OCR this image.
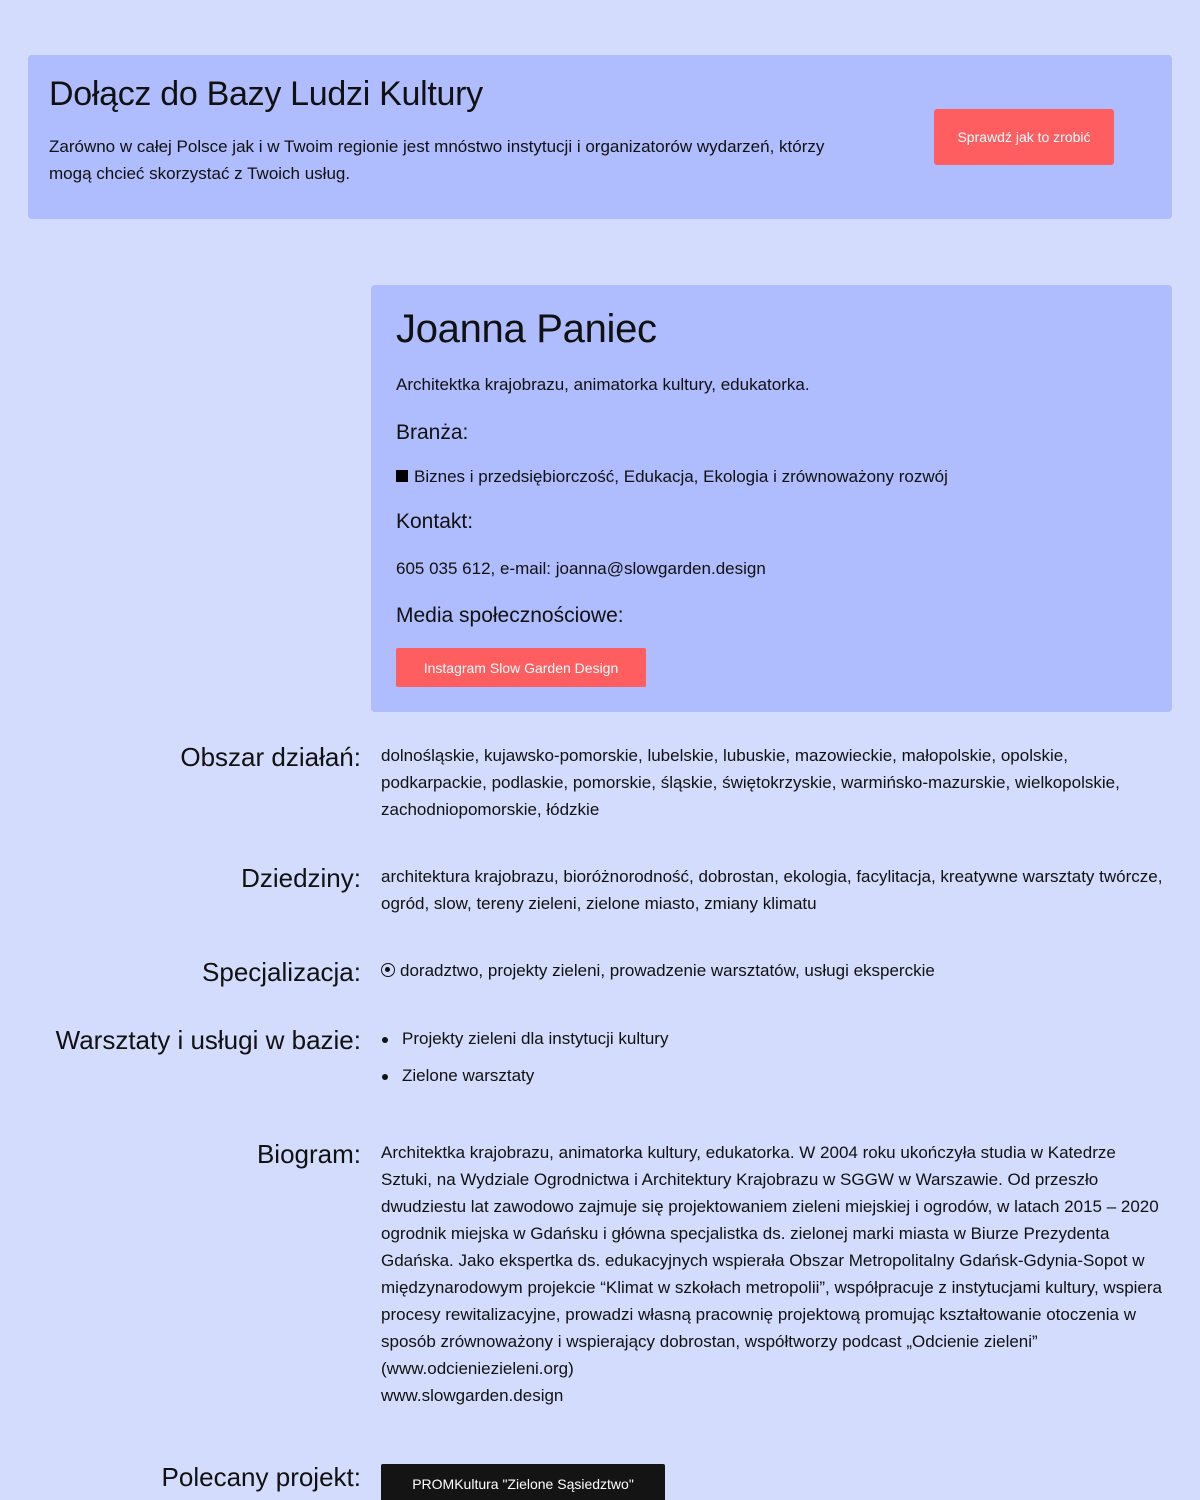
Dołącz do Bazy Ludzi Kultury

Zarówno w całej Polsce jak i w Twoim regionie jest mnóstwo instytucji i organizatorów wydarzeń, którzy mogą chcieć skorzystać z Twoich usług.

Sprawdź jak to zrobić
Joanna Paniec
Architektka krajobrazu, animatorka kultury, edukatorka.
Branża:
Biznes i przedsiębiorczość, Edukacja, Ekologia i zrównoważony rozwój
Kontakt:
605 035 612, e-mail: joanna@slowgarden.design
Media społecznościowe:
Instagram Slow Garden Design
Obszar działań: dolnośląskie, kujawsko-pomorskie, lubelskie, lubuskie, mazowieckie, małopolskie, opolskie, podkarpackie, podlaskie, pomorskie, śląskie, świętokrzyskie, warmińsko-mazurskie, wielkopolskie, zachodniopomorskie, łódzkie
Dziedziny: architektura krajobrazu, bioróżnorodność, dobrostan, ekologia, facylitacja, kreatywne warsztaty twórcze, ogród, slow, tereny zieleni, zielone miasto, zmiany klimatu
Specjalizacja:	doradztwo, projekty zieleni, prowadzenie warsztatów, usługi eksperckie
Warsztaty i usługi w bazie:	Projekty zieleni dla instytucji kultury
Zielone warsztaty
Biogram: Architektka krajobrazu, animatorka kultury, edukatorka. W 2004 roku ukończyła studia w Katedrze Sztuki, na Wydziale Ogrodnictwa i Architektury Krajobrazu w SGGW w Warszawie. Od przeszło dwudziestu lat zawodowo zajmuje się projektowaniem zieleni miejskiej i ogrodów, w latach 2015 – 2020 ogrodnik miejska w Gdańsku i główna specjalistka ds. zielonej marki miasta w Biurze Prezydenta Gdańska. Jako ekspertka ds. edukacyjnych wspierała Obszar Metropolitalny Gdańsk-Gdynia-Sopot w międzynarodowym projekcie “Klimat w szkołach metropolii”, współpracuje z instytucjami kultury, wspiera procesy rewitalizacyjne, prowadzi własną pracownię projektową promując kształtowanie otoczenia w sposób zrównoważony i wspierający dobrostan, współtworzy podcast „Odcienie zieleni” (www.odcieniezieleni.org)

www.slowgarden.design

Polecany projekt:	PROMKultura "Zielone Sąsiedztwo"
